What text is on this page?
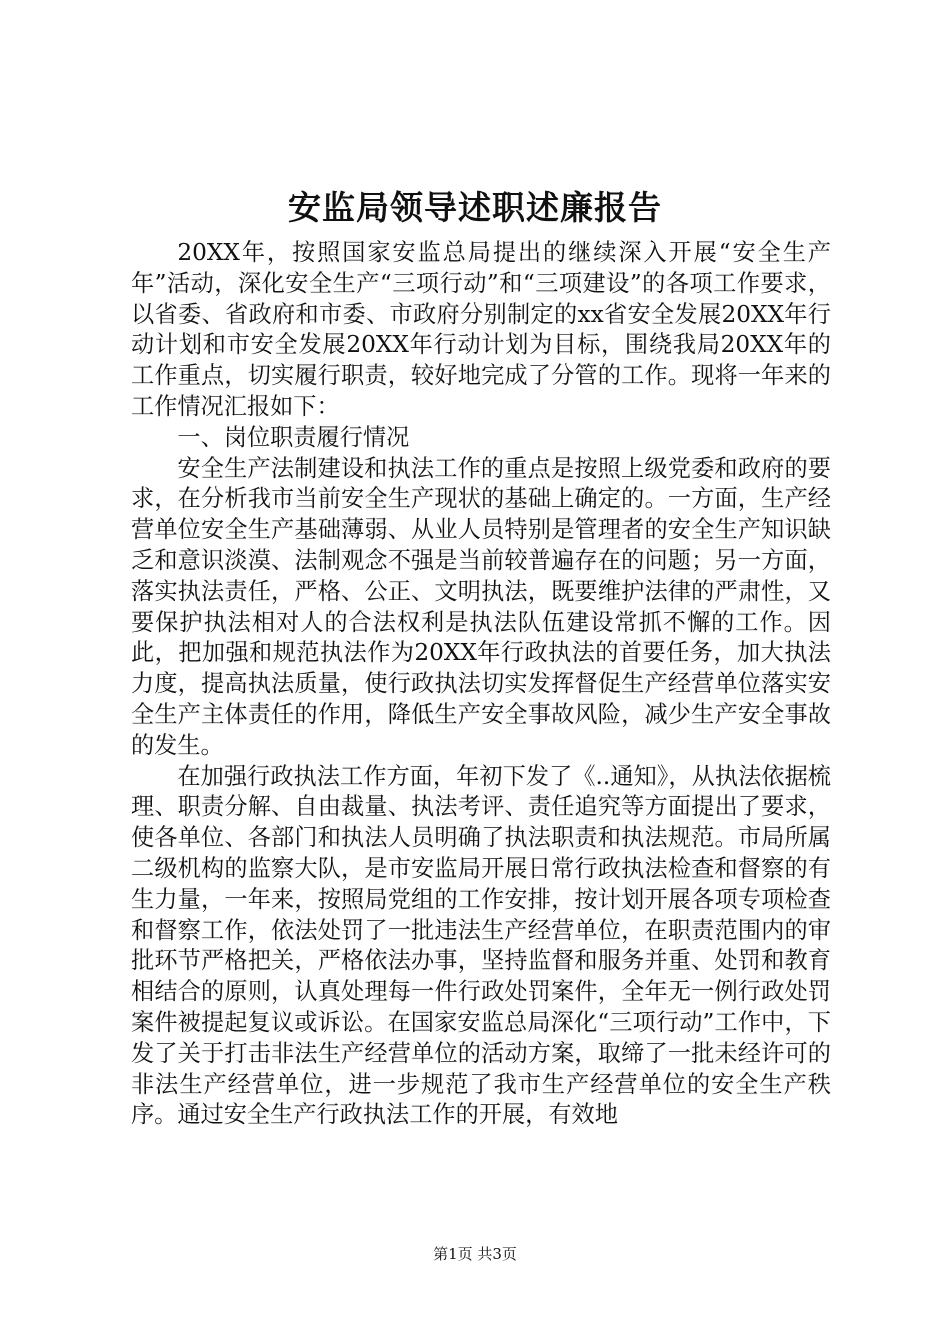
安监局领导述职述廉报告

20XX年，按照国家安监总局提出的继续深入开展“安全生产年”活动，深化安全生产“三项行动”和“三项建设”的各项工作要求，以省委、省政府和市委、市政府分别制定的xx省安全发展20XX年行动计划和市安全发展20XX年行动计划为目标，围绕我局20XX年的工作重点，切实履行职责，较好地完成了分管的工作。现将一年来的工作情况汇报如下：

一、岗位职责履行情况

安全生产法制建设和执法工作的重点是按照上级党委和政府的要求，在分析我市当前安全生产现状的基础上确定的。一方面，生产经营单位安全生产基础薄弱、从业人员特别是管理者的安全生产知识缺乏和意识淡漠、法制观念不强是当前较普遍存在的问题；另一方面，落实执法责任，严格、公正、文明执法，既要维护法律的严肃性，又要保护执法相对人的合法权利是执法队伍建设常抓不懈的工作。因此，把加强和规范执法作为20XX年行政执法的首要任务，加大执法力度，提高执法质量，使行政执法切实发挥督促生产经营单位落实安全生产主体责任的作用，降低生产安全事故风险，减少生产安全事故的发生。

在加强行政执法工作方面，年初下发了《..通知》，从执法依据梳理、职责分解、自由裁量、执法考评、责任追究等方面提出了要求，使各单位、各部门和执法人员明确了执法职责和执法规范。市局所属二级机构的监察大队，是市安监局开展日常行政执法检查和督察的有生力量，一年来，按照局党组的工作安排，按计划开展各项专项检查和督察工作，依法处罚了一批违法生产经营单位，在职责范围内的审批环节严格把关，严格依法办事，坚持监督和服务并重、处罚和教育相结合的原则，认真处理每一件行政处罚案件，全年无一例行政处罚案件被提起复议或诉讼。在国家安监总局深化“三项行动”工作中，下发了关于打击非法生产经营单位的活动方案，取缔了一批未经许可的非法生产经营单位，进一步规范了我市生产经营单位的安全生产秩序。通过安全生产行政执法工作的开展，有效地

第1页 共3页
